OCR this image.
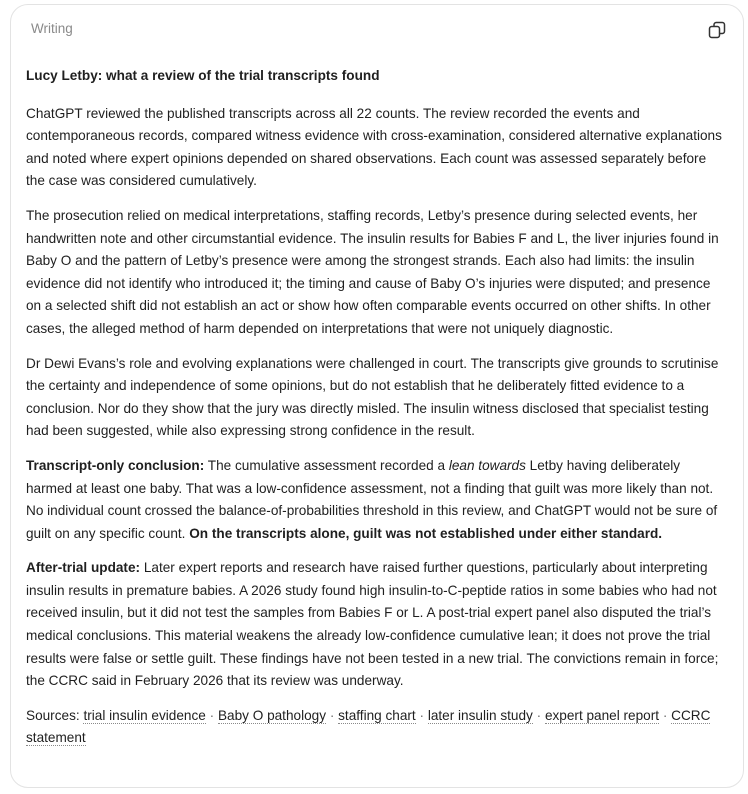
Writing

Lucy Letby: what a review of the trial transcripts found

ChatGPT reviewed the published transcripts across all 22 counts. The review recorded the events and contemporaneous records, compared witness evidence with cross-examination, considered alternative explanations and noted where expert opinions depended on shared observations. Each count was assessed separately before the case was considered cumulatively.

The prosecution relied on medical interpretations, staffing records, Letby’s presence during selected events, her handwritten note and other circumstantial evidence. The insulin results for Babies F and L, the liver injuries found in Baby O and the pattern of Letby’s presence were among the strongest strands. Each also had limits: the insulin evidence did not identify who introduced it; the timing and cause of Baby O’s injuries were disputed; and presence on a selected shift did not establish an act or show how often comparable events occurred on other shifts. In other cases, the alleged method of harm depended on interpretations that were not uniquely diagnostic.

Dr Dewi Evans’s role and evolving explanations were challenged in court. The transcripts give grounds to scrutinise the certainty and independence of some opinions, but do not establish that he deliberately fitted evidence to a conclusion. Nor do they show that the jury was directly misled. The insulin witness disclosed that specialist testing had been suggested, while also expressing strong confidence in the result.

Transcript-only conclusion: The cumulative assessment recorded a lean towards Letby having deliberately harmed at least one baby. That was a low-confidence assessment, not a finding that guilt was more likely than not. No individual count crossed the balance-of-probabilities threshold in this review, and ChatGPT would not be sure of guilt on any specific count. On the transcripts alone, guilt was not established under either standard.

After-trial update: Later expert reports and research have raised further questions, particularly about interpreting insulin results in premature babies. A 2026 study found high insulin-to-C-peptide ratios in some babies who had not received insulin, but it did not test the samples from Babies F or L. A post-trial expert panel also disputed the trial’s medical conclusions. This material weakens the already low-confidence cumulative lean; it does not prove the trial results were false or settle guilt. These findings have not been tested in a new trial. The convictions remain in force; the CCRC said in February 2026 that its review was underway.

Sources: trial insulin evidence · Baby O pathology · staffing chart · later insulin study · expert panel report · CCRC statement
